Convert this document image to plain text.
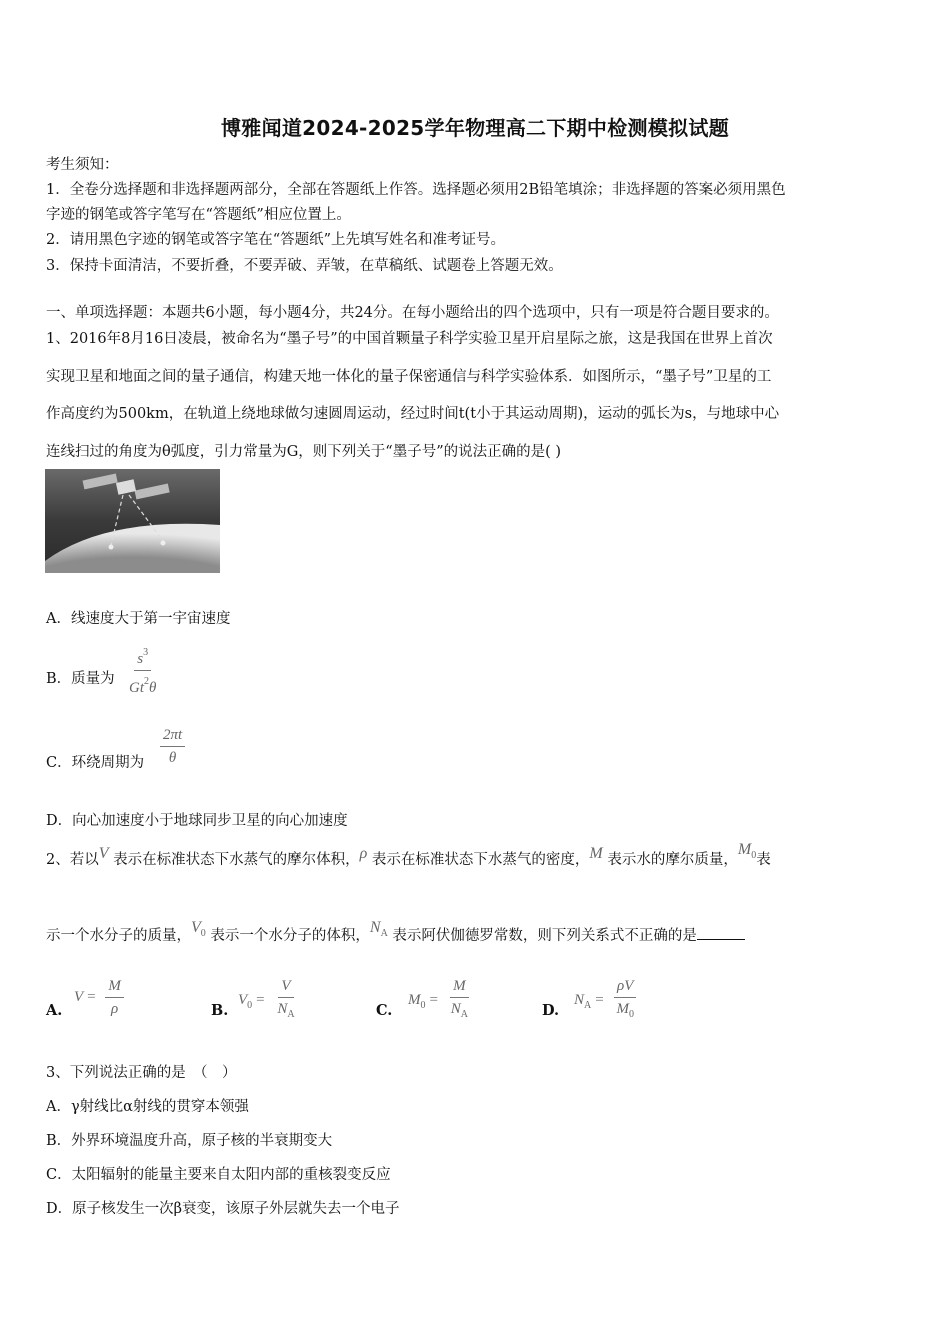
博雅闻道2024-2025学年物理高二下期中检测模拟试题
考生须知：
1．全卷分选择题和非选择题两部分，全部在答题纸上作答。选择题必须用2B铅笔填涂；非选择题的答案必须用黑色
字迹的钢笔或答字笔写在“答题纸”相应位置上。
2．请用黑色字迹的钢笔或答字笔在“答题纸”上先填写姓名和准考证号。
3．保持卡面清洁，不要折叠，不要弄破、弄皱，在草稿纸、试题卷上答题无效。
一、单项选择题：本题共6小题，每小题4分，共24分。在每小题给出的四个选项中，只有一项是符合题目要求的。
1、2016年8月16日凌晨，被命名为“墨子号”的中国首颗量子科学实验卫星开启星际之旅，这是我国在世界上首次
实现卫星和地面之间的量子通信，构建天地一体化的量子保密通信与科学实验体系．如图所示，“墨子号”卫星的工
作高度约为500km，在轨道上绕地球做匀速圆周运动，经过时间t(t小于其运动周期)，运动的弧长为s，与地球中心
连线扫过的角度为θ弧度，引力常量为G，则下列关于“墨子号”的说法正确的是( )
A．线速度大于第一宇宙速度
B．质量为 $\frac{s^3}{Gt^2\theta}$
C．环绕周期为 $\frac{2\pi t}{\theta}$
D．向心加速度小于地球同步卫星的向心加速度
2、若以V 表示在标准状态下水蒸气的摩尔体积，ρ 表示在标准状态下水蒸气的密度，M 表示水的摩尔质量，$M_0$表
示一个水分子的质量，$V_0$ 表示一个水分子的体积，$N_A$ 表示阿伏伽德罗常数，则下列关系式不正确的是
A.
$V = \frac{M}{\rho}$	B.
$V_0 = \frac{V}{N_A}$	C.
$M_0 = \frac{M}{N_A}$	D.
$N_A = \frac{\rho V}{M_0}$
3、下列说法正确的是　（　）
A．γ射线比α射线的贯穿本领强
B．外界环境温度升高，原子核的半衰期变大
C．太阳辐射的能量主要来自太阳内部的重核裂变反应
D．原子核发生一次β衰变，该原子外层就失去一个电子
